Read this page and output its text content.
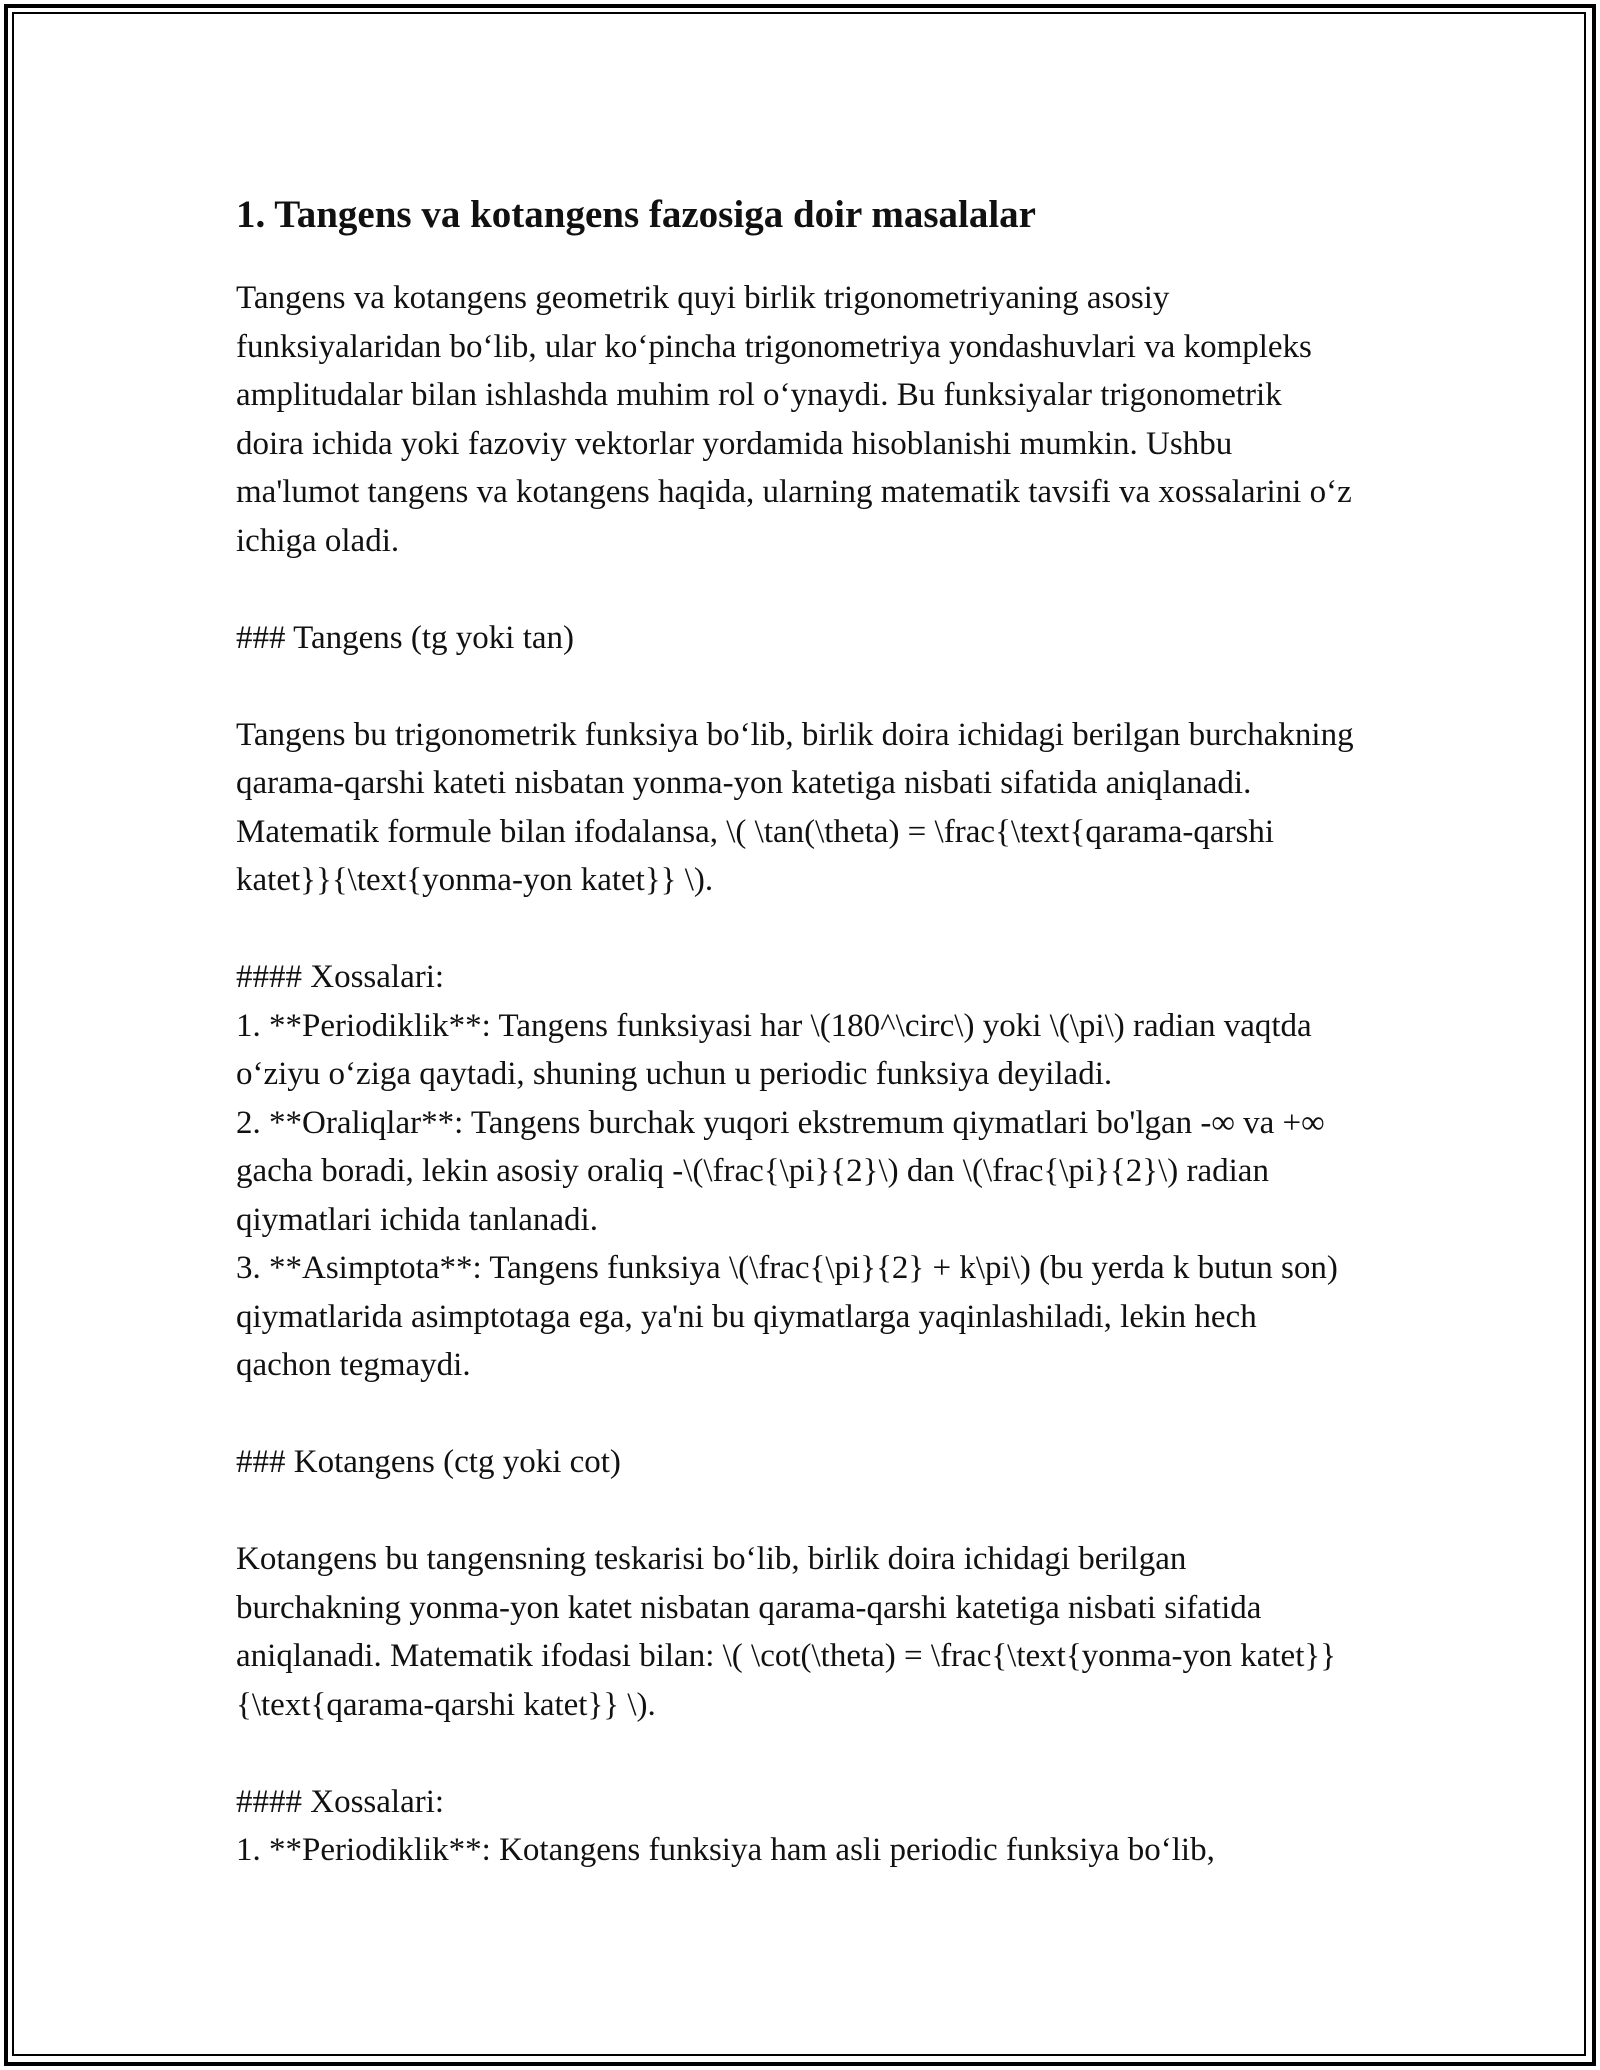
1. Tangens va kotangens fazosiga doir masalalar

Tangens va kotangens geometrik quyi birlik trigonometriyaning asosiy funksiyalaridan bo‘lib, ular ko‘pincha trigonometriya yondashuvlari va kompleks amplitudalar bilan ishlashda muhim rol o‘ynaydi. Bu funksiyalar trigonometrik doira ichida yoki fazoviy vektorlar yordamida hisoblanishi mumkin. Ushbu ma'lumot tangens va kotangens haqida, ularning matematik tavsifi va xossalarini o‘z ichiga oladi.

### Tangens (tg yoki tan)

Tangens bu trigonometrik funksiya bo‘lib, birlik doira ichidagi berilgan burchakning qarama-qarshi kateti nisbatan yonma-yon katetiga nisbati sifatida aniqlanadi. Matematik formule bilan ifodalansa, \( \tan(\theta) = \frac{\text{qarama-qarshi katet}}{\text{yonma-yon katet}} \).

#### Xossalari:

1. **Periodiklik**: Tangens funksiyasi har \(180^\circ\) yoki \(\pi\) radian vaqtda o‘ziyu o‘ziga qaytadi, shuning uchun u periodic funksiya deyiladi.

2. **Oraliqlar**: Tangens burchak yuqori ekstremum qiymatlari bo'lgan -∞ va +∞ gacha boradi, lekin asosiy oraliq -\(\frac{\pi}{2}\) dan \(\frac{\pi}{2}\) radian qiymatlari ichida tanlanadi.

3. **Asimptota**: Tangens funksiya \(\frac{\pi}{2} + k\pi\) (bu yerda k butun son) qiymatlarida asimptotaga ega, ya'ni bu qiymatlarga yaqinlashiladi, lekin hech qachon tegmaydi.

### Kotangens (ctg yoki cot)

Kotangens bu tangensning teskarisi bo‘lib, birlik doira ichidagi berilgan burchakning yonma-yon katet nisbatan qarama-qarshi katetiga nisbati sifatida aniqlanadi. Matematik ifodasi bilan: \( \cot(\theta) = \frac{\text{yonma-yon katet}}{\text{qarama-qarshi katet}} \).

#### Xossalari:

1. **Periodiklik**: Kotangens funksiya ham asli periodic funksiya bo‘lib,
